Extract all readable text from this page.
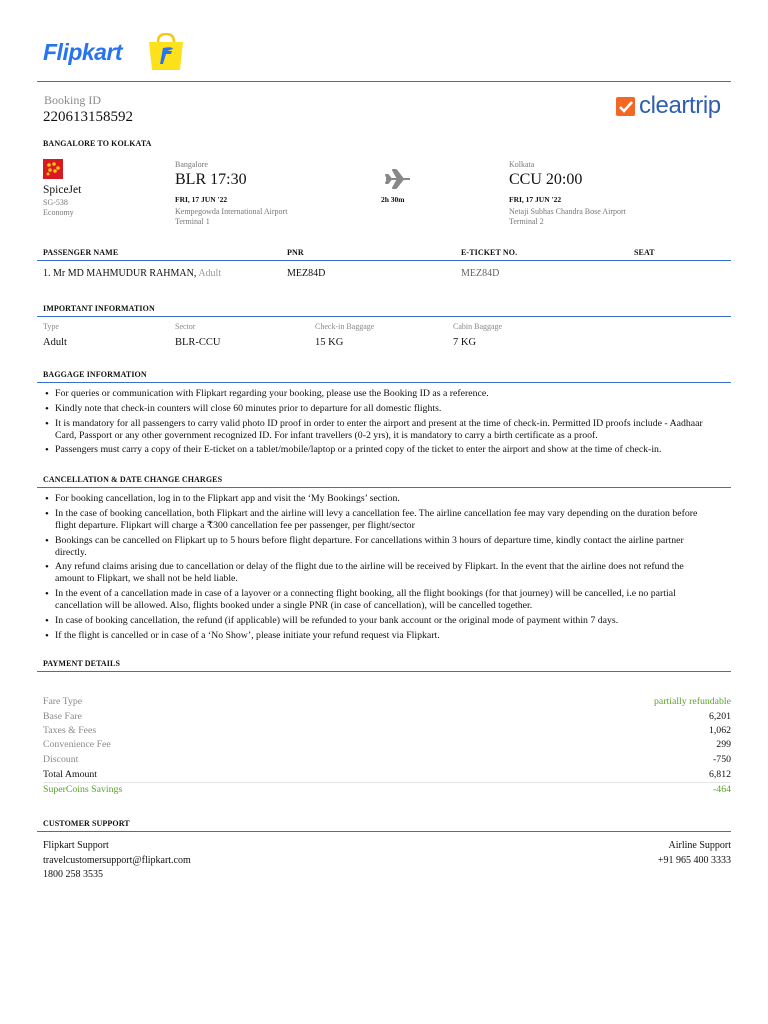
Flipkart
Booking ID
220613158592	cleartrip
BANGALORE TO KOLKATA
SpiceJet
SG-538
Economy
Bangalore
BLR 17:30
FRI, 17 JUN '22
Kempegowda International Airport
Terminal 1
2h 30m
Kolkata
CCU 20:00
FRI, 17 JUN '22
Netaji Subhas Chandra Bose Airport
Terminal 2
PASSENGER NAME	PNR	E-TICKET NO.	SEAT
1. Mr MD MAHMUDUR RAHMAN, Adult	MEZ84D	MEZ84D
IMPORTANT INFORMATION
Type	Sector	Check-in Baggage	Cabin Baggage
Adult	BLR-CCU	15 KG	7 KG
BAGGAGE INFORMATION
• For queries or communication with Flipkart regarding your booking, please use the Booking ID as a reference.
• Kindly note that check-in counters will close 60 minutes prior to departure for all domestic flights.
• It is mandatory for all passengers to carry valid photo ID proof in order to enter the airport and present at the time of check-in. Permitted ID proofs include - Aadhaar Card, Passport or any other government recognized ID. For infant travellers (0-2 yrs), it is mandatory to carry a birth certificate as a proof.
• Passengers must carry a copy of their E-ticket on a tablet/mobile/laptop or a printed copy of the ticket to enter the airport and show at the time of check-in.
CANCELLATION & DATE CHANGE CHARGES
• For booking cancellation, log in to the Flipkart app and visit the ‘My Bookings’ section.
• In the case of booking cancellation, both Flipkart and the airline will levy a cancellation fee. The airline cancellation fee may vary depending on the duration before flight departure. Flipkart will charge a ₹300 cancellation fee per passenger, per flight/sector
• Bookings can be cancelled on Flipkart up to 5 hours before flight departure. For cancellations within 3 hours of departure time, kindly contact the airline partner directly.
• Any refund claims arising due to cancellation or delay of the flight due to the airline will be received by Flipkart. In the event that the airline does not refund the amount to Flipkart, we shall not be held liable.
• In the event of a cancellation made in case of a layover or a connecting flight booking, all the flight bookings (for that journey) will be cancelled, i.e no partial cancellation will be allowed. Also, flights booked under a single PNR (in case of cancellation), will be cancelled together.
• In case of booking cancellation, the refund (if applicable) will be refunded to your bank account or the original mode of payment within 7 days.
• If the flight is cancelled or in case of a ‘No Show’, please initiate your refund request via Flipkart.
PAYMENT DETAILS
Fare Type	partially refundable
Base Fare	6,201
Taxes & Fees	1,062
Convenience Fee	299
Discount	-750
Total Amount	6,812
SuperCoins Savings	-464
CUSTOMER SUPPORT
Flipkart Support
travelcustomersupport@flipkart.com
1800 258 3535
Airline Support
+91 965 400 3333
